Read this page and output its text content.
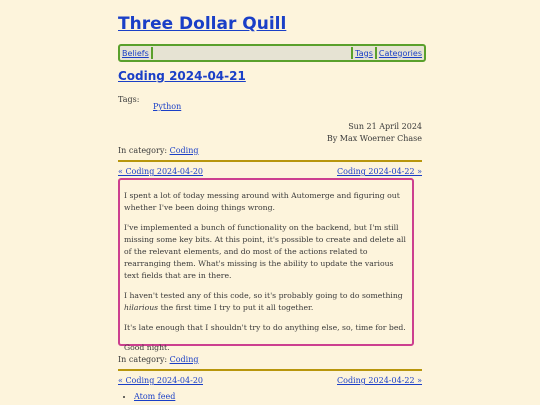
Three Dollar Quill
Beliefs	Tags Categories
Coding 2024-04-21
Tags:
Python
Sun 21 April 2024
By Max Woerner Chase
In category: Coding
« Coding 2024-04-20	Coding 2024-04-22 »

I spent a lot of today messing around with Automerge and figuring out whether I've been doing things wrong.

I've implemented a bunch of functionality on the backend, but I'm still missing some key bits. At this point, it's possible to create and delete all of the relevant elements, and do most of the actions related to rearranging them. What's missing is the ability to update the various text fields that are in there.

I haven't tested any of this code, so it's probably going to do something hilarious the first time I try to put it all together.

It's late enough that I shouldn't try to do anything else, so, time for bed.

Good night.

In category: Coding
« Coding 2024-04-20	Coding 2024-04-22 »
• Atom feed
